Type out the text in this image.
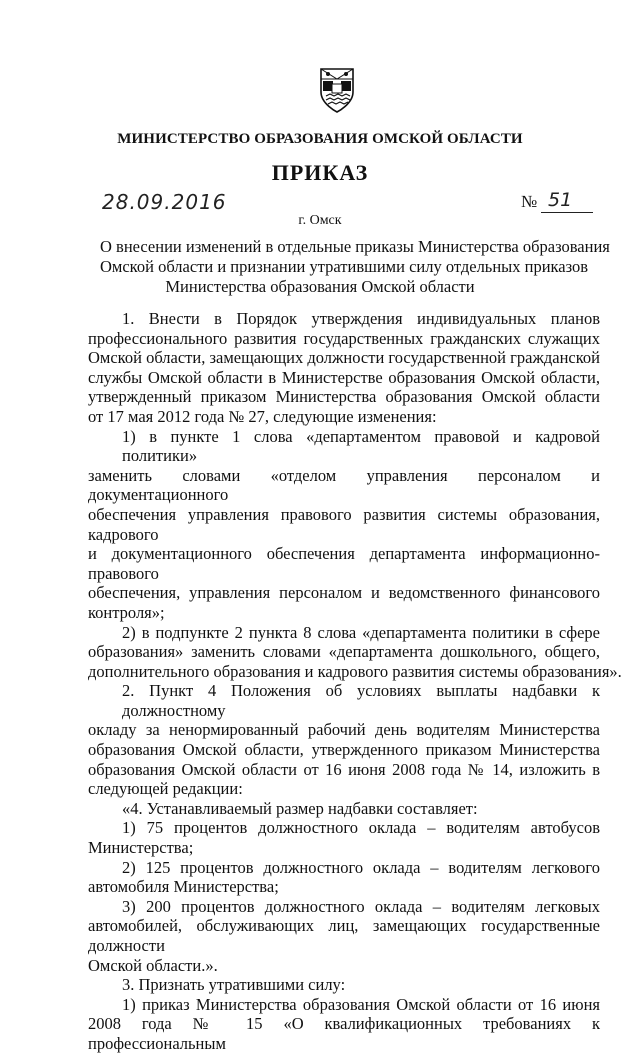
МИНИСТЕРСТВО ОБРАЗОВАНИЯ ОМСКОЙ ОБЛАСТИ
ПРИКАЗ
28.09.2016	№ 51
г. Омск
О внесении изменений в отдельные приказы Министерства образования
Омской области и признании утратившими силу отдельных приказов
Министерства образования Омской области
1. Внести в Порядок утверждения индивидуальных планов
профессионального развития государственных гражданских служащих
Омской области, замещающих должности государственной гражданской
службы Омской области в Министерстве образования Омской области,
утвержденный приказом Министерства образования Омской области
от 17 мая 2012 года № 27, следующие изменения:
1) в пункте 1 слова «департаментом правовой и кадровой политики»
заменить словами «отделом управления персоналом и документационного
обеспечения управления правового развития системы образования, кадрового
и документационного обеспечения департамента информационно-правового
обеспечения, управления персоналом и ведомственного финансового
контроля»;
2) в подпункте 2 пункта 8 слова «департамента политики в сфере
образования» заменить словами «департамента дошкольного, общего,
дополнительного образования и кадрового развития системы образования».
2. Пункт 4 Положения об условиях выплаты надбавки к должностному
окладу за ненормированный рабочий день водителям Министерства
образования Омской области, утвержденного приказом Министерства
образования Омской области от 16 июня 2008 года № 14, изложить в
следующей редакции:
«4. Устанавливаемый размер надбавки составляет:
1) 75 процентов должностного оклада – водителям автобусов
Министерства;
2) 125 процентов должностного оклада – водителям легкового
автомобиля Министерства;
3) 200 процентов должностного оклада – водителям легковых
автомобилей, обслуживающих лиц, замещающих государственные должности
Омской области.».
3. Признать утратившими силу:
1) приказ Министерства образования Омской области от 16 июня
2008 года № 15 «О квалификационных требованиях к профессиональным
